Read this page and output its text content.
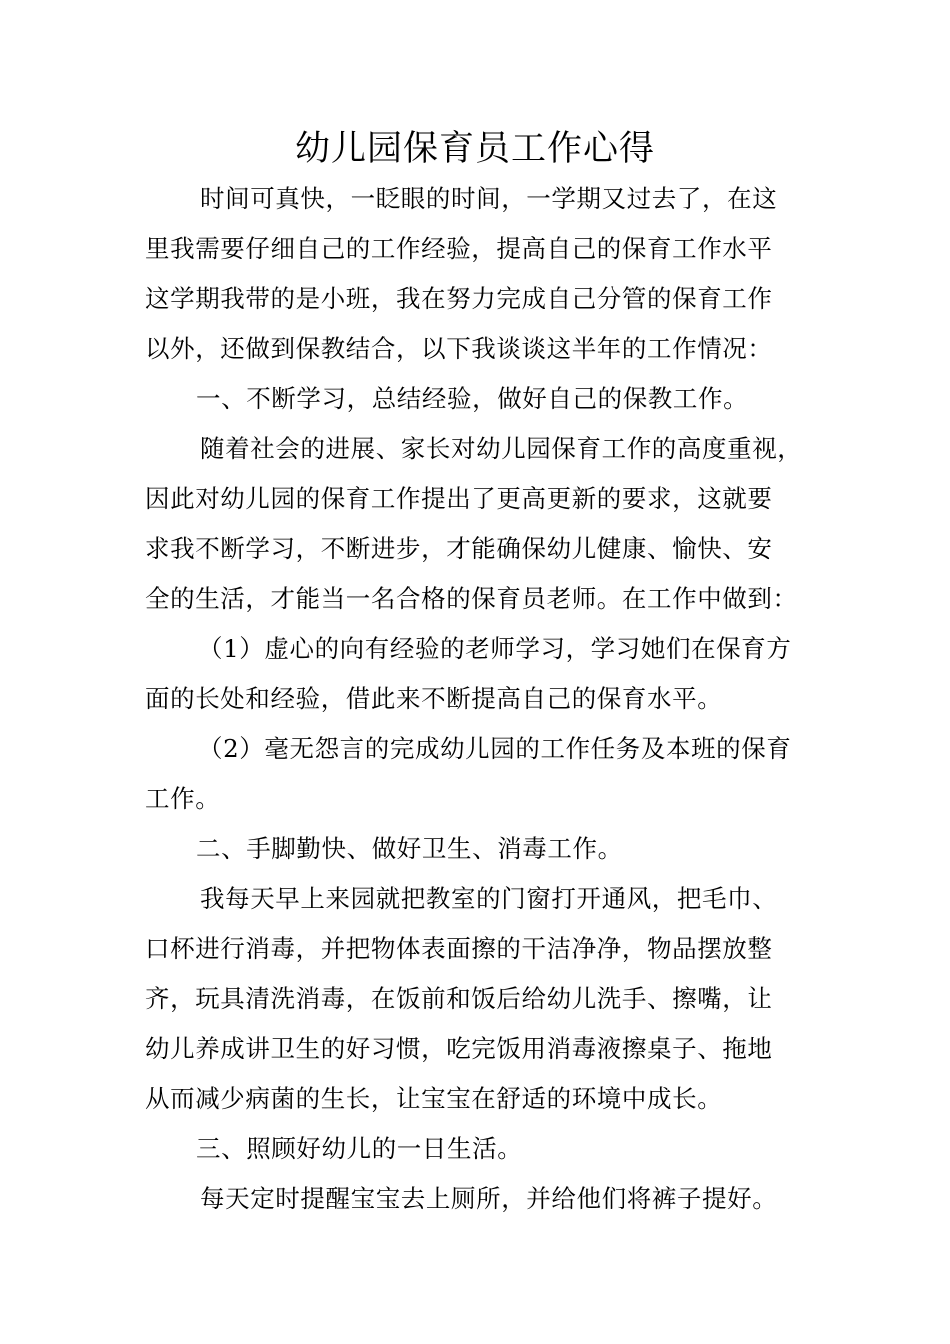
幼儿园保育员工作心得
时间可真快，一眨眼的时间，一学期又过去了，在这
里我需要仔细自己的工作经验，提高自己的保育工作水平
这学期我带的是小班，我在努力完成自己分管的保育工作
以外，还做到保教结合，以下我谈谈这半年的工作情况：
一、不断学习，总结经验，做好自己的保教工作。
随着社会的进展、家长对幼儿园保育工作的高度重视，
因此对幼儿园的保育工作提出了更高更新的要求，这就要
求我不断学习，不断进步，才能确保幼儿健康、愉快、安
全的生活，才能当一名合格的保育员老师。在工作中做到：
（1）虚心的向有经验的老师学习，学习她们在保育方
面的长处和经验，借此来不断提高自己的保育水平。
（2）毫无怨言的完成幼儿园的工作任务及本班的保育
工作。
二、手脚勤快、做好卫生、消毒工作。
我每天早上来园就把教室的门窗打开通风，把毛巾、
口杯进行消毒，并把物体表面擦的干洁净净，物品摆放整
齐，玩具清洗消毒，在饭前和饭后给幼儿洗手、擦嘴，让
幼儿养成讲卫生的好习惯，吃完饭用消毒液擦桌子、拖地
从而减少病菌的生长，让宝宝在舒适的环境中成长。
三、照顾好幼儿的一日生活。
每天定时提醒宝宝去上厕所，并给他们将裤子提好。
